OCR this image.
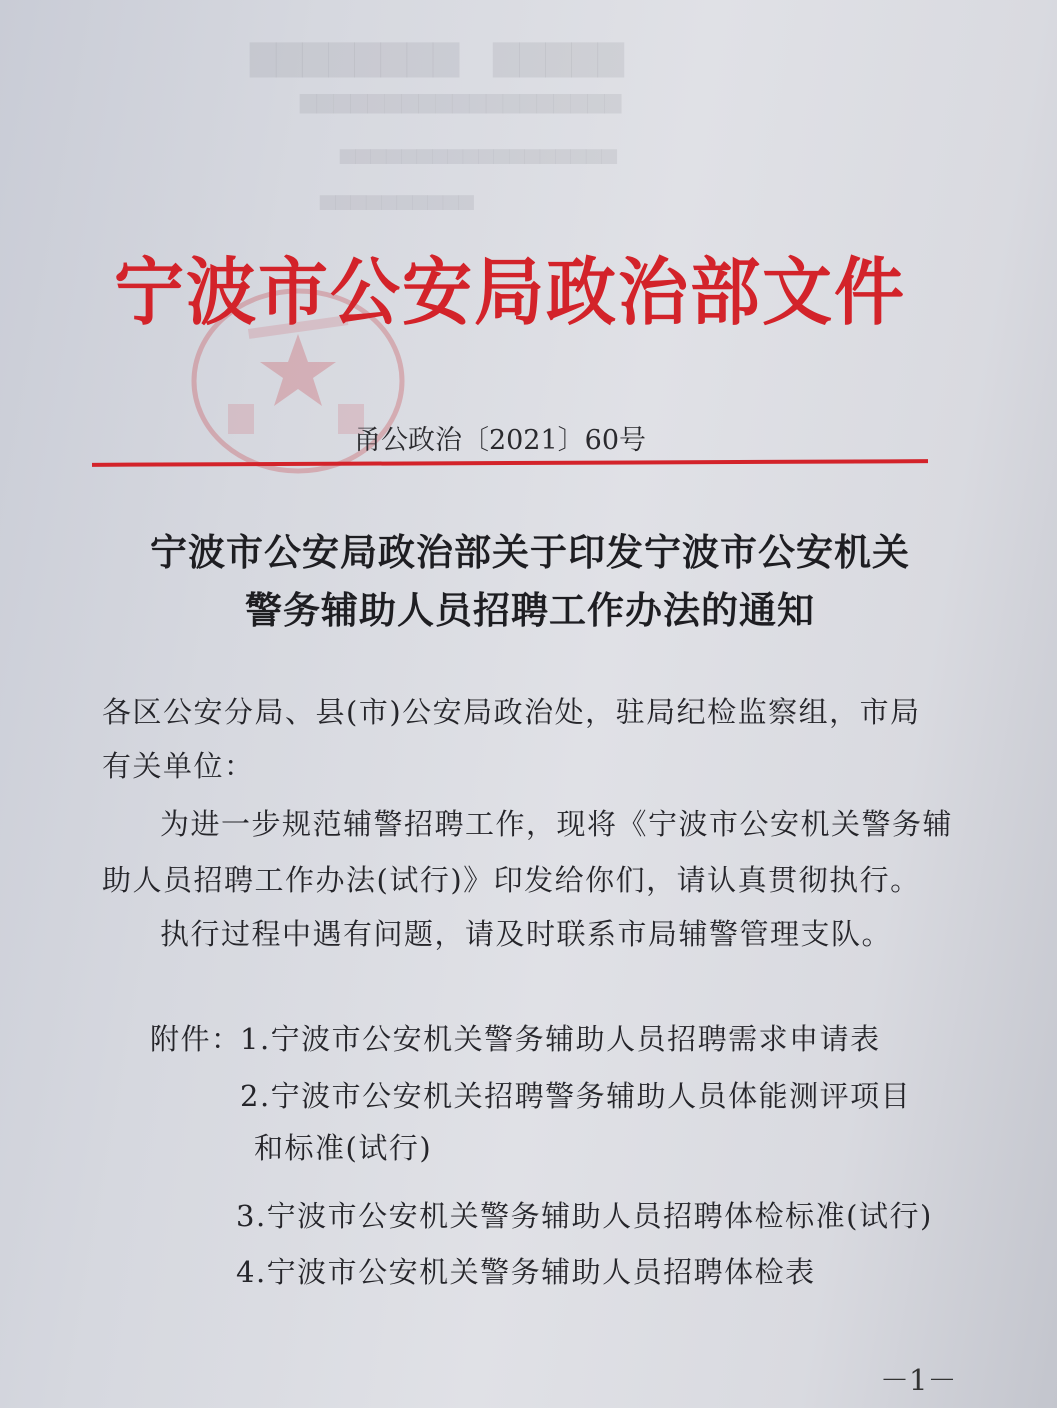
▇▇▇▇▇▇▇▇　▇▇▇▇▇
▆▆▆▆▆▆▆▆▆▆▆▆▆▆▆▆▆▆▆
▅▅▅▅▅▅▅▅▅▅▅▅▅▅▅▅▅▅
▅▅▅▅▅▅▅▅▅▅
宁波市公安局政治部文件
甬公政治〔2021〕60号
宁波市公安局政治部关于印发宁波市公安机关
警务辅助人员招聘工作办法的通知
各区公安分局、县(市)公安局政治处，驻局纪检监察组，市局
有关单位：
为进一步规范辅警招聘工作，现将《宁波市公安机关警务辅
助人员招聘工作办法(试行)》印发给你们，请认真贯彻执行。
执行过程中遇有问题，请及时联系市局辅警管理支队。
附件：
1.宁波市公安机关警务辅助人员招聘需求申请表
2.宁波市公安机关招聘警务辅助人员体能测评项目
和标准(试行)
3.宁波市公安机关警务辅助人员招聘体检标准(试行)
4.宁波市公安机关警务辅助人员招聘体检表
－1－
